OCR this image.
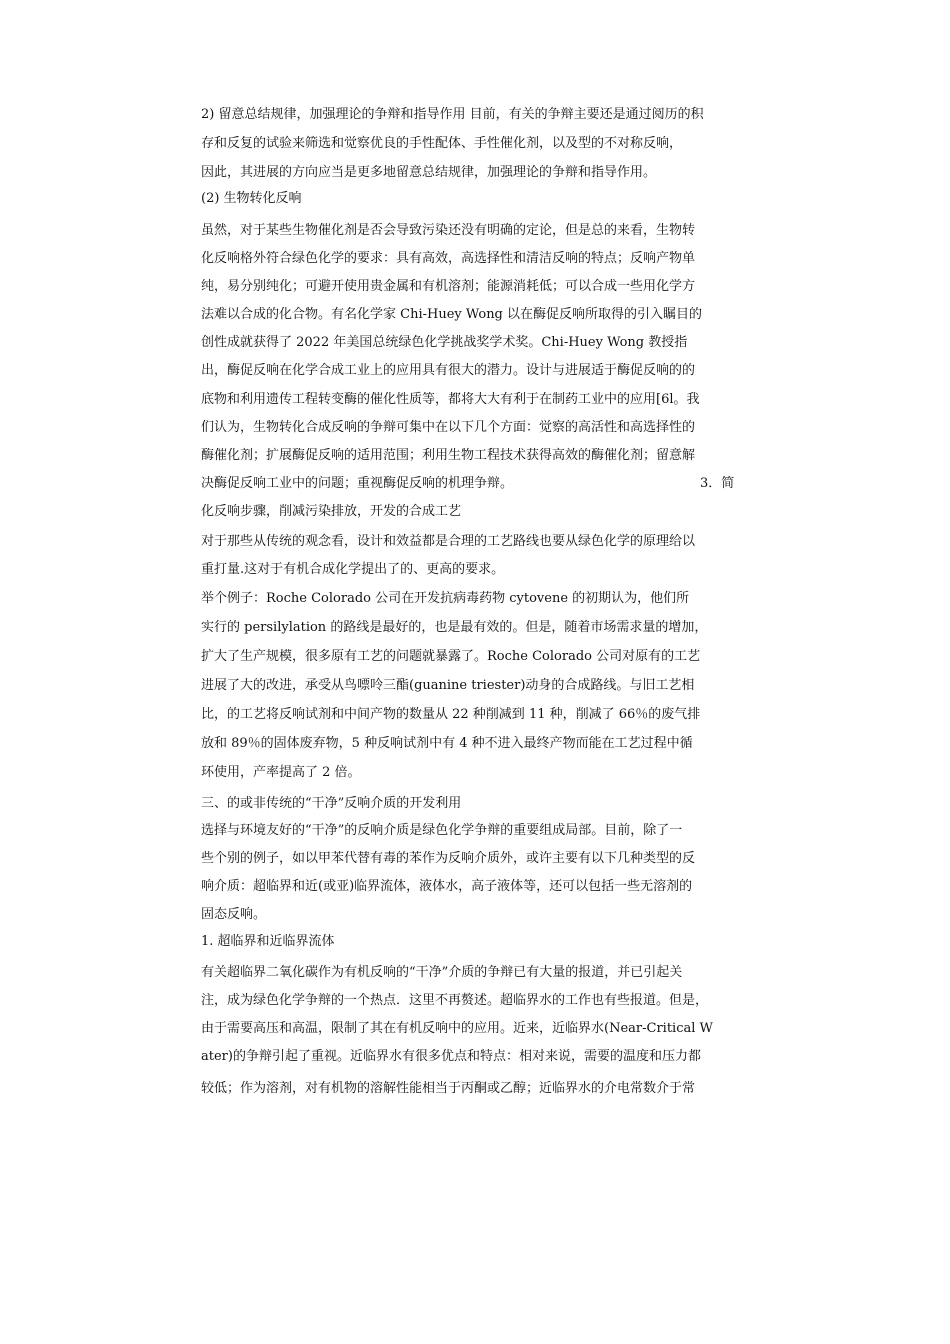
2) 留意总结规律，加强理论的争辩和指导作用 目前，有关的争辩主要还是通过阅历的积
存和反复的试验来筛选和觉察优良的手性配体、手性催化剂，以及型的不对称反响，
因此，其进展的方向应当是更多地留意总结规律，加强理论的争辩和指导作用。
(2) 生物转化反响
虽然，对于某些生物催化剂是否会导致污染还没有明确的定论，但是总的来看，生物转
化反响格外符合绿色化学的要求：具有高效，高选择性和清洁反响的特点；反响产物单
纯，易分别纯化；可避开使用贵金属和有机溶剂；能源消耗低；可以合成一些用化学方
法难以合成的化合物。有名化学家 Chi-Huey Wong 以在酶促反响所取得的引入瞩目的
创性成就获得了 2022 年美国总统绿色化学挑战奖学术奖。Chi-Huey Wong 教授指
出，酶促反响在化学合成工业上的应用具有很大的潜力。设计与进展适于酶促反响的的
底物和利用遗传工程转变酶的催化性质等，都将大大有利于在制药工业中的应用[6l。我
们认为，生物转化合成反响的争辩可集中在以下几个方面：觉察的高活性和高选择性的
酶催化剂；扩展酶促反响的适用范围；利用生物工程技术获得高效的酶催化剂；留意解
决酶促反响工业中的问题；重视酶促反响的机理争辩。	3．简
化反响步骤，削减污染排放，开发的合成工艺
对于那些从传统的观念看，设计和效益都是合理的工艺路线也要从绿色化学的原理给以
重打量.这对于有机合成化学提出了的、更高的要求。
举个例子：Roche Colorado 公司在开发抗病毒药物 cytovene 的初期认为，他们所
实行的 persilylation 的路线是最好的，也是最有效的。但是，随着市场需求量的增加，
扩大了生产规模，很多原有工艺的问题就暴露了。Roche Colorado 公司对原有的工艺
进展了大的改进，承受从鸟嘌呤三酯(guanine triester)动身的合成路线。与旧工艺相
比，的工艺将反响试剂和中间产物的数量从 22 种削减到 11 种，削减了 66％的废气排
放和 89％的固体废弃物，5 种反响试剂中有 4 种不进入最终产物而能在工艺过程中循
环使用，产率提高了 2 倍。
三、的或非传统的“干净”反响介质的开发利用
选择与环境友好的“干净”的反响介质是绿色化学争辩的重要组成局部。目前，除了一
些个别的例子，如以甲苯代替有毒的苯作为反响介质外，或许主要有以下几种类型的反
响介质：超临界和近(或亚)临界流体，液体水，高子液体等，还可以包括一些无溶剂的
固态反响。
1. 超临界和近临界流体
有关超临界二氧化碳作为有机反响的“干净”介质的争辩已有大量的报道，并已引起关
注，成为绿色化学争辩的一个热点．这里不再赘述。超临界水的工作也有些报道。但是，
由于需要高压和高温，限制了其在有机反响中的应用。近来，近临界水(Near-Critical W
ater)的争辩引起了重视。近临界水有很多优点和特点：相对来说，需要的温度和压力都
较低；作为溶剂，对有机物的溶解性能相当于丙酮或乙醇；近临界水的介电常数介于常
